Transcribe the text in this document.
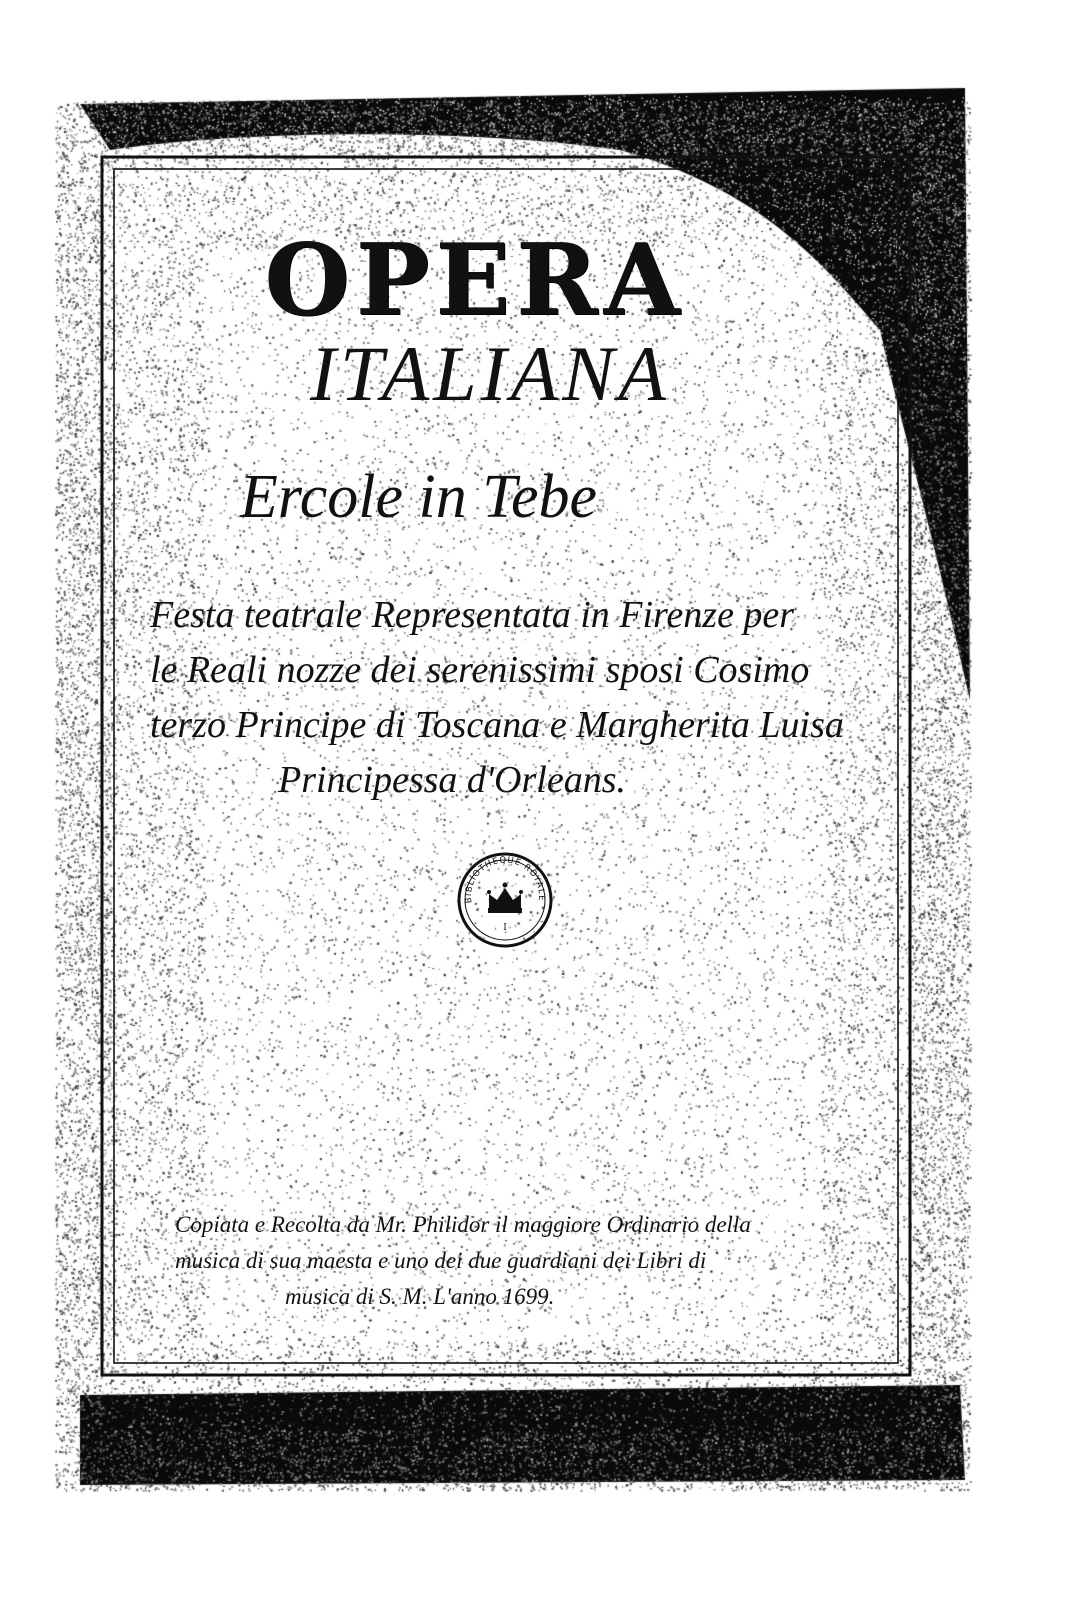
OPERA
ITALIANA
Ercole in Tebe
Festa teatrale Representata in Firenze per
le Reali nozze dei serenissimi sposi Cosimo
terzo Principe di Toscana e Margherita Luisa
Principessa d'Orleans.
BIBLIOTHEQUE ROYALE
I
Copiata e Recolta da Mr. Philidor il maggiore Ordinario della
musica di sua maesta e uno dei due guardiani dei Libri di
musica di S. M. L'anno 1699.
